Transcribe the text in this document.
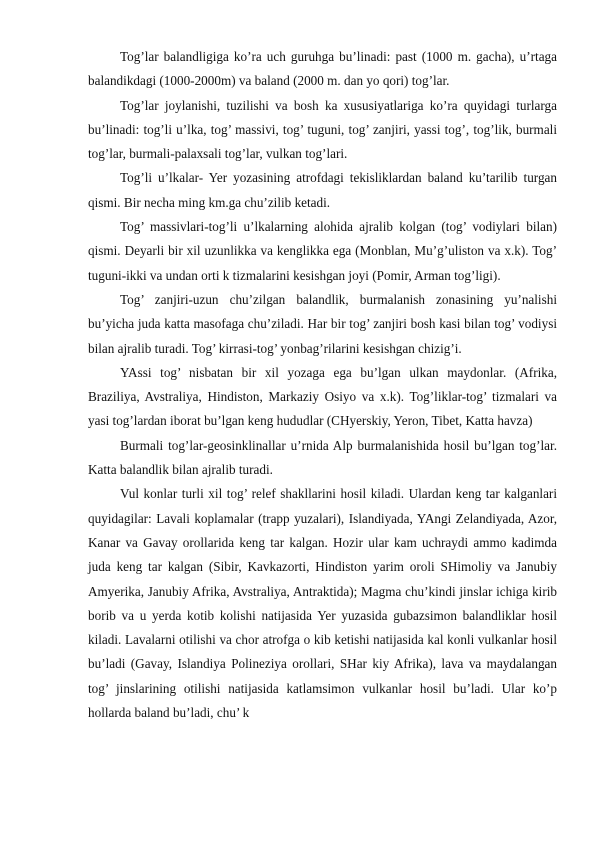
Tog’lar balandligiga ko’ra uch guruhga bu’linadi: past (1000 m. gacha), u’rtaga balandikdagi (1000-2000m) va baland (2000 m. dan yo qori) tog’lar.

Tog’lar joylanishi, tuzilishi va bosh ka xususiyatlariga ko’ra quyidagi turlarga bu’linadi: tog’li u’lka, tog’ massivi, tog’ tuguni, tog’ zanjiri, yassi tog’, tog’lik, burmali tog’lar, burmali-palaxsali tog’lar, vulkan tog’lari.

Tog’li u’lkalar- Yer yozasining atrofdagi tekisliklardan baland ku’tarilib turgan qismi. Bir necha ming km.ga chu’zilib ketadi.

Tog’ massivlari-tog’li u’lkalarning alohida ajralib kolgan (tog’ vodiylari bilan) qismi. Deyarli bir xil uzunlikka va kenglikka ega (Monblan, Mu’g’uliston va x.k). Tog’ tuguni-ikki va undan orti k tizmalarini kesishgan joyi (Pomir, Arman tog’ligi).

Tog’ zanjiri-uzun chu’zilgan balandlik, burmalanish zonasining yu’nalishi bu’yicha juda katta masofaga chu’ziladi. Har bir tog’ zanjiri bosh kasi bilan tog’ vodiysi bilan ajralib turadi. Tog’ kirrasi-tog’ yonbag’rilarini kesishgan chizig’i.

YAssi tog’ nisbatan bir xil yozaga ega bu’lgan ulkan maydonlar. (Afrika, Braziliya, Avstraliya, Hindiston, Markaziy Osiyo va x.k). Tog’liklar-tog’ tizmalari va yasi tog’lardan iborat bu’lgan keng hududlar (CHyerskiy, Yeron, Tibet, Katta havza)

Burmali tog’lar-geosinklinallar u’rnida Alp burmalanishida hosil bu’lgan tog’lar. Katta balandlik bilan ajralib turadi.

Vul konlar turli xil tog’ relef shakllarini hosil kiladi. Ulardan keng tar kalganlari quyidagilar: Lavali koplamalar (trapp yuzalari), Islandiyada, YAngi Zelandiyada, Azor, Kanar va Gavay orollarida keng tar kalgan. Hozir ular kam uchraydi ammo kadimda juda keng tar kalgan (Sibir, Kavkazorti, Hindiston yarim oroli SHimoliy va Janubiy Amyerika, Janubiy Afrika, Avstraliya, Antraktida); Magma chu’kindi jinslar ichiga kirib borib va u yerda kotib kolishi natijasida Yer yuzasida gubazsimon balandliklar hosil kiladi. Lavalarni otilishi va chor atrofga o kib ketishi natijasida kal konli vulkanlar hosil bu’ladi (Gavay, Islandiya Polineziya orollari, SHar kiy Afrika), lava va maydalangan tog’ jinslarining otilishi natijasida katlamsimon vulkanlar hosil bu’ladi. Ular ko’p hollarda baland bu’ladi, chu’ k
